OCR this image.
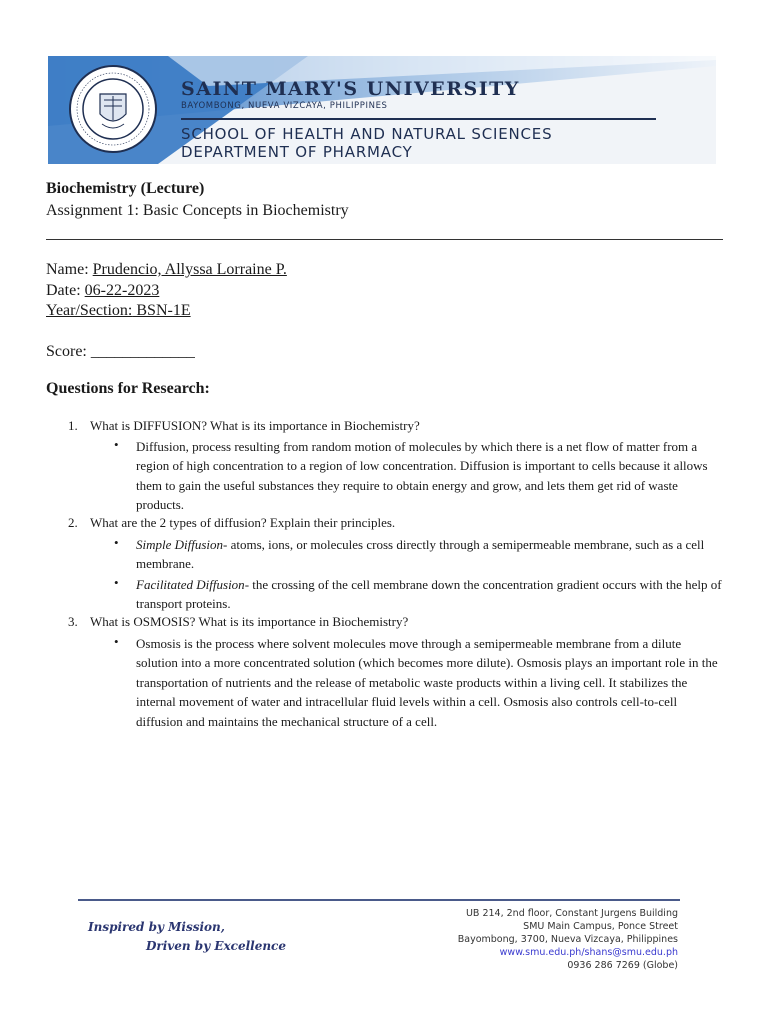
SAINT MARY'S UNIVERSITY
BAYOMBONG, NUEVA VIZCAYA, PHILIPPINES
SCHOOL OF HEALTH AND NATURAL SCIENCES
DEPARTMENT OF PHARMACY
Biochemistry (Lecture)
Assignment 1: Basic Concepts in Biochemistry
Name: Prudencio, Allyssa Lorraine P.
Date: 06-22-2023
Year/Section: BSN-1E
Score: _____________
Questions for Research:
1. What is DIFFUSION? What is its importance in Biochemistry?
• Diffusion, process resulting from random motion of molecules by which there is a net flow of matter from a region of high concentration to a region of low concentration. Diffusion is important to cells because it allows them to gain the useful substances they require to obtain energy and grow, and lets them get rid of waste products.
2. What are the 2 types of diffusion? Explain their principles.
• Simple Diffusion- atoms, ions, or molecules cross directly through a semipermeable membrane, such as a cell membrane.
• Facilitated Diffusion- the crossing of the cell membrane down the concentration gradient occurs with the help of transport proteins.
3. What is OSMOSIS? What is its importance in Biochemistry?
• Osmosis is the process where solvent molecules move through a semipermeable membrane from a dilute solution into a more concentrated solution (which becomes more dilute). Osmosis plays an important role in the transportation of nutrients and the release of metabolic waste products within a living cell. It stabilizes the internal movement of water and intracellular fluid levels within a cell. Osmosis also controls cell-to-cell diffusion and maintains the mechanical structure of a cell.
Inspired by Mission,
Driven by Excellence
UB 214, 2nd floor, Constant Jurgens Building
SMU Main Campus, Ponce Street
Bayombong, 3700, Nueva Vizcaya, Philippines
www.smu.edu.ph/shans@smu.edu.ph
0936 286 7269 (Globe)
